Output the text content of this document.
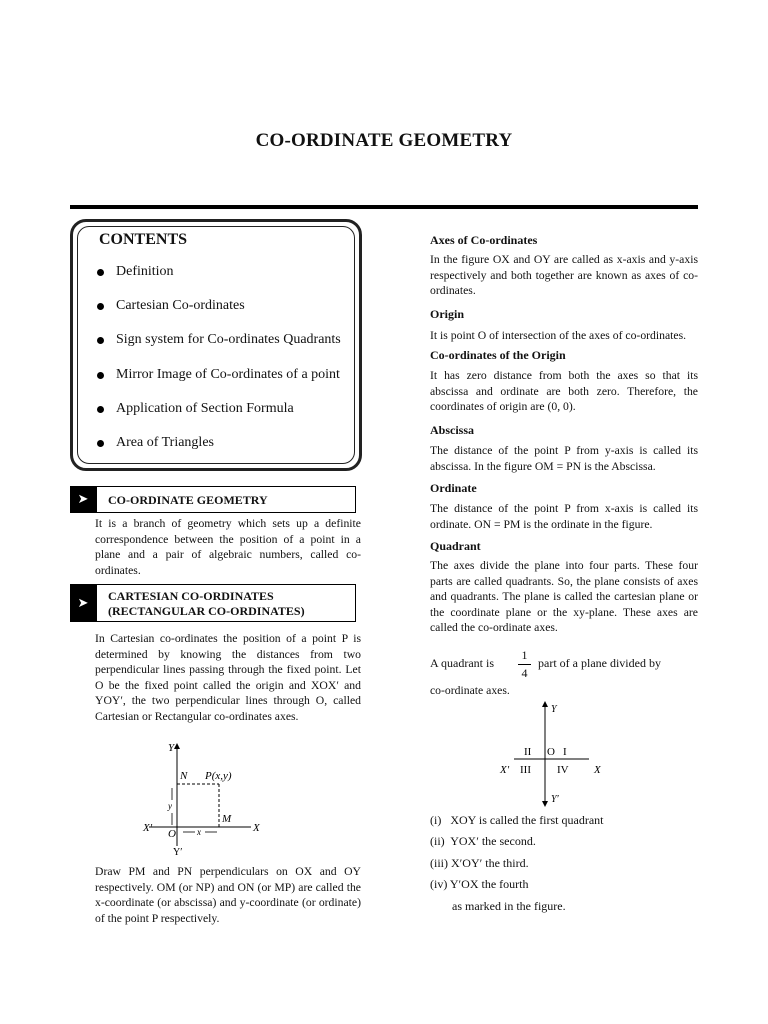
CO-ORDINATE GEOMETRY
CONTENTS
Definition
Cartesian Co-ordinates
Sign system for Co-ordinates Quadrants
Mirror Image of Co-ordinates of a point
Application of Section Formula
Area of Triangles
➤	CO-ORDINATE GEOMETRY
It is a branch of geometry which sets up a definite correspondence between the position of a point in a plane and a pair of algebraic numbers, called co-ordinates.
➤	CARTESIAN CO-ORDINATES
(RECTANGULAR CO-ORDINATES)
In Cartesian co-ordinates the position of a point P is determined by knowing the distances from two perpendicular lines passing through the fixed point. Let O be the fixed point called the origin and XOX′ and YOY′, the two perpendicular lines through O, called Cartesian or Rectangular co-ordinates axes.
Y
Y′
X
X′ O
N P(x,y)
M
y
x
Draw PM and PN perpendiculars on OX and OY respectively. OM (or NP) and ON (or MP) are called the x-coordinate (or abscissa) and y-coordinate (or ordinate) of the point P respectively.
Axes of Co-ordinates
In the figure OX and OY are called as x-axis and y-axis respectively and both together are known as axes of co-ordinates.
Origin
It is point O of intersection of the axes of co-ordinates.
Co-ordinates of the Origin
It has zero distance from both the axes so that its abscissa and ordinate are both zero. Therefore, the coordinates of origin are (0, 0).
Abscissa
The distance of the point P from y-axis is called its abscissa. In the figure OM = PN is the Abscissa.
Ordinate
The distance of the point P from x-axis is called its ordinate. ON = PM is the ordinate in the figure.
Quadrant
The axes divide the plane into four parts. These four parts are called quadrants. So, the plane consists of axes and quadrants. The plane is called the cartesian plane or the coordinate plane or the xy-plane. These axes are called the co-ordinate axes.
A quadrant is	part of a plane divided by
1
4
co-ordinate axes.
Y
Y′
X
X′
II O I
III IV
(i)   XOY is called the first quadrant
(ii)  YOX′ the second.
(iii) X′OY′ the third.
(iv) Y′OX the fourth
as marked in the figure.
